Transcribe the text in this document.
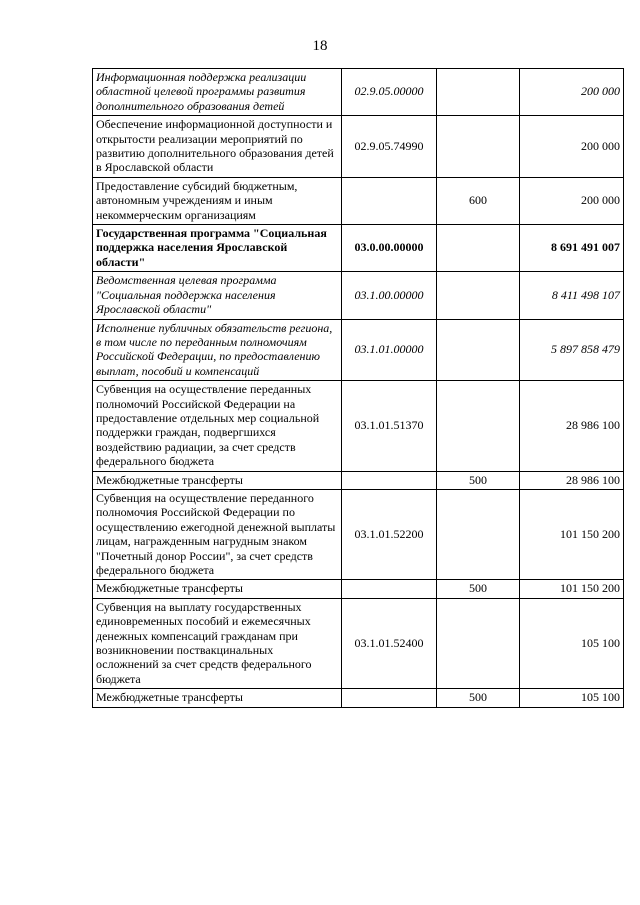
18
Информационная поддержка реализации областной целевой программы развития дополнительного образования детей	02.9.05.00000		200 000
Обеспечение информационной доступности и открытости реализации мероприятий по развитию дополнительного образования детей в Ярославской области	02.9.05.74990		200 000
Предоставление субсидий бюджетным, автономным учреждениям и иным некоммерческим организациям		600	200 000
Государственная программа "Социальная поддержка населения Ярославской области"	03.0.00.00000		8 691 491 007
Ведомственная целевая программа "Социальная поддержка населения Ярославской области"	03.1.00.00000		8 411 498 107
Исполнение публичных обязательств региона, в том числе по переданным полномочиям Российской Федерации, по предоставлению выплат, пособий и компенсаций	03.1.01.00000		5 897 858 479
Субвенция на осуществление переданных полномочий Российской Федерации на предоставление отдельных мер социальной поддержки граждан, подвергшихся воздействию радиации, за счет средств федерального бюджета	03.1.01.51370		28 986 100
Межбюджетные трансферты		500	28 986 100
Субвенция на осуществление переданного полномочия Российской Федерации по осуществлению ежегодной денежной выплаты лицам, награжденным нагрудным знаком "Почетный донор России", за счет средств федерального бюджета	03.1.01.52200		101 150 200
Межбюджетные трансферты		500	101 150 200
Субвенция на выплату государственных единовременных пособий и ежемесячных денежных компенсаций гражданам при возникновении поствакцинальных осложнений за счет средств федерального бюджета	03.1.01.52400		105 100
Межбюджетные трансферты		500	105 100
